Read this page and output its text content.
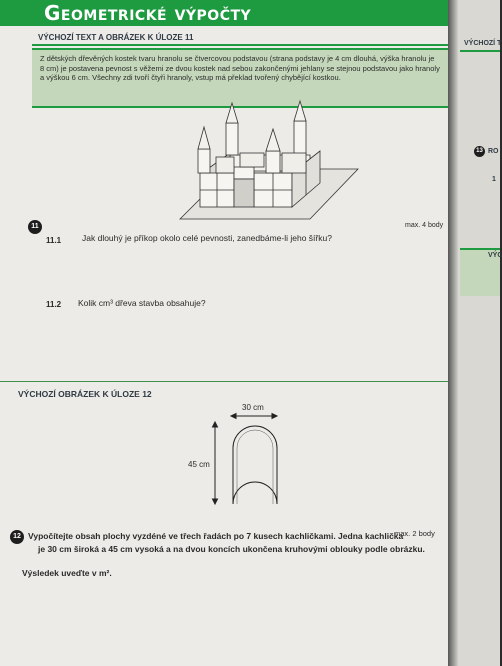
Geometrické výpočty
VÝCHOZÍ TEXT A OBRÁZEK K ÚLOZE 11
Z dětských dřevěných kostek tvaru hranolu se čtvercovou podstavou (strana podstavy je 4 cm dlouhá, výška hranolu je 8 cm) je postavena pevnost s věžemi ze dvou kostek nad sebou zakončenými jehlany se stejnou podstavou jako hranoly a výškou 6 cm. Všechny zdi tvoří čtyři hranoly, vstup má překlad tvořený chybějící kostkou.
11	max. 4 body
11.1 Jak dlouhý je příkop okolo celé pevnosti, zanedbáme-li jeho šířku?
11.2 Kolik cm³ dřeva stavba obsahuje?
VÝCHOZÍ OBRÁZEK K ÚLOZE 12
30 cm
45 cm
12	max. 2 body
Vypočítejte obsah plochy vyzdéné ve třech řadách po 7 kusech kachličkami. Jedna kachlička
je 30 cm široká a 45 cm vysoká a na dvou koncích ukončena kruhovými oblouky podle obrázku.
Výsledek uveďte v m².
VÝCHOZÍ T
13 RO
1
VÝC
